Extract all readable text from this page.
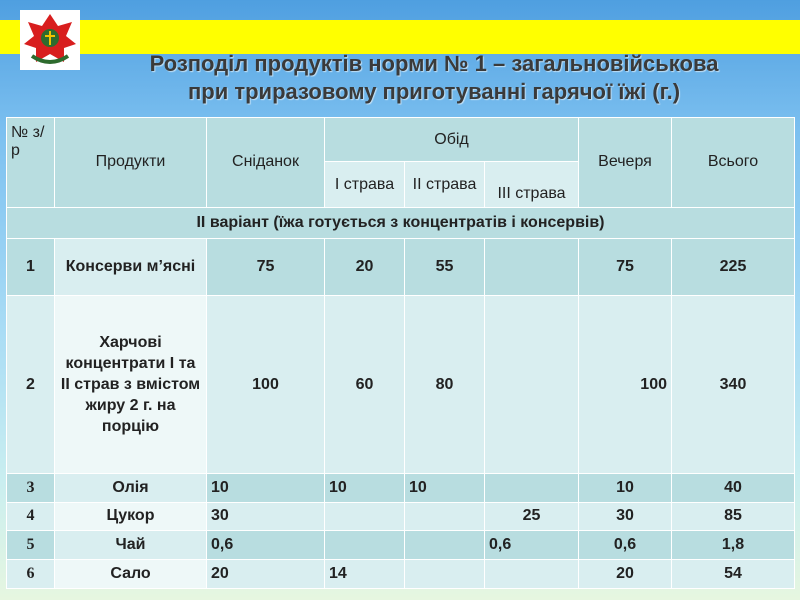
Розподіл продуктів норми № 1 – загальновійськова
при триразовому приготуванні гарячої їжі (г.)
№ з/р	Продукти	Сніданок	Обід			Вечеря	Всього
			I страва	II страва	III страва		

II варіант (їжа готується з концентратів і консервів)							
1	Консерви м’ясні	75	20	55		75	225
2	Харчові концентрати I та II страв з вмістом жиру 2 г. на порцію	100	60	80		100	340
3	Олія	10	10	10		10	40
4	Цукор	30			25	30	85
5	Чай	0,6			0,6	0,6	1,8
6	Сало	20	14			20	54
